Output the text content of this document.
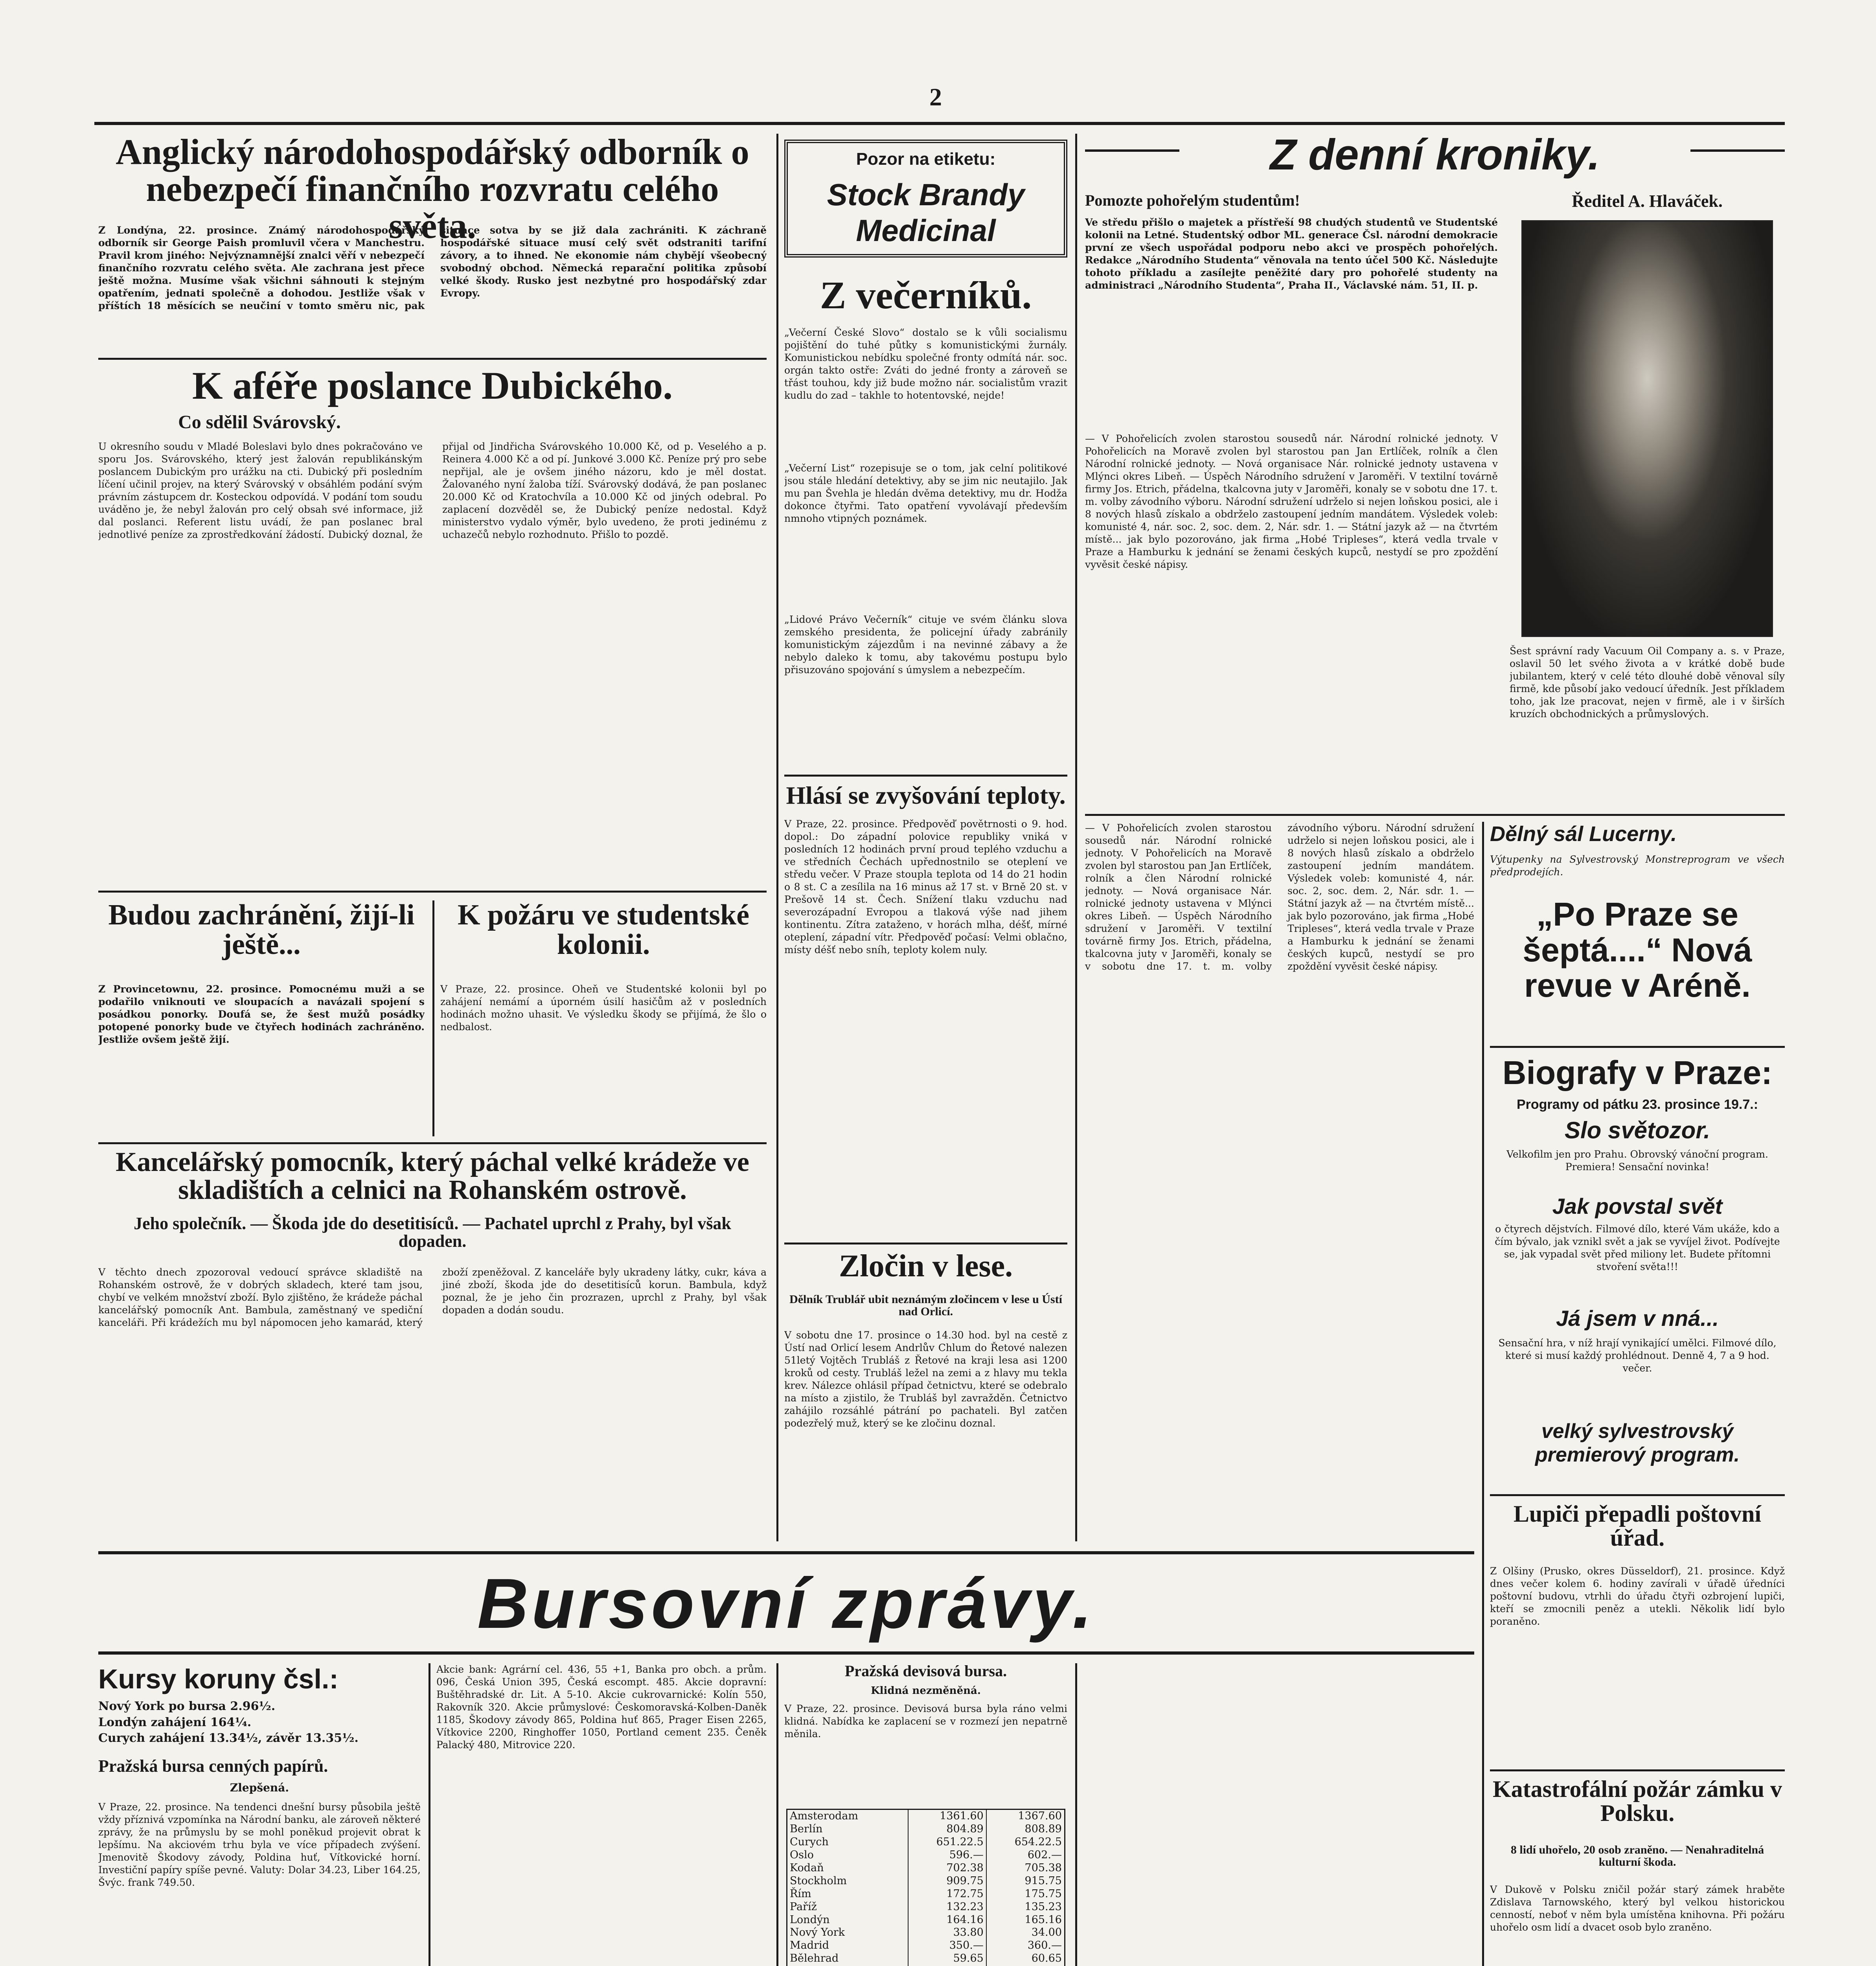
2
Anglický národohospodářský odborník o nebezpečí finančního rozvratu celého světa.
Z Londýna, 22. prosince. Známý národohospodářský odborník sir George Paish promluvil včera v Manchestru. Pravil krom jiného: Nejvýznamnější znalci věří v nebezpečí finančního rozvratu celého světa. Ale zachrana jest přece ještě možna. Musíme však všichni sáhnouti k stejným opatřením, jednati společně a dohodou. Jestliže však v příštích 18 měsících se neučiní v tomto směru nic, pak situace sotva by se již dala zachrániti. K záchraně hospodářské situace musí celý svět odstraniti tarifní závory, a to ihned. Ne ekonomie nám chybějí všeobecný svobodný obchod. Německá reparační politika způsobí velké škody. Rusko jest nezbytné pro hospodářský zdar Evropy.
K aféře poslance Dubického.
Co sdělil Svárovský.
U okresního soudu v Mladé Boleslavi bylo dnes pokračováno ve sporu Jos. Svárovského, který jest žalován republikánským poslancem Dubickým pro urážku na cti. Dubický při posledním líčení učinil projev, na který Svárovský v obsáhlém podání svým právním zástupcem dr. Kosteckou odpovídá. V podání tom soudu uváděno je, že nebyl žalován pro celý obsah své informace, již dal poslanci. Referent listu uvádí, že pan poslanec bral jednotlivé peníze za zprostředkování žádostí. Dubický doznal, že přijal od Jindřicha Svárovského 10.000 Kč, od p. Veselého a p. Reinera 4.000 Kč a od pí. Junkové 3.000 Kč. Peníze prý pro sebe nepřijal, ale je ovšem jiného názoru, kdo je měl dostat. Žalovaného nyní žaloba tíží. Svárovský dodává, že pan poslanec 20.000 Kč od Kratochvíla a 10.000 Kč od jiných odebral. Po zaplacení dozvěděl se, že Dubický peníze nedostal. Když ministerstvo vydalo výměr, bylo uvedeno, že proti jedinému z uchazečů nebylo rozhodnuto. Přišlo to pozdě.
Budou zachránění, žijí-li ještě...
Z Provincetownu, 22. prosince. Pomocnému muži a se podařilo vniknouti ve sloupacích a navázali spojení s posádkou ponorky. Doufá se, že šest mužů posádky potopené ponorky bude ve čtyřech hodinách zachráněno. Jestliže ovšem ještě žijí.
K požáru ve studentské kolonii.
V Praze, 22. prosince. Oheň ve Studentské kolonii byl po zahájení nemámí a úporném úsilí hasičům až v posledních hodinách možno uhasit. Ve výsledku škody se přijímá, že šlo o nedbalost.
Kancelářský pomocník, který páchal velké krádeže ve skladištích a celnici na Rohanském ostrově.
Jeho společník. — Škoda jde do desetitisíců. — Pachatel uprchl z Prahy, byl však dopaden.
V těchto dnech zpozoroval vedoucí správce skladiště na Rohanském ostrově, že v dobrých skladech, které tam jsou, chybí ve velkém množství zboží. Bylo zjištěno, že krádeže páchal kancelářský pomocník Ant. Bambula, zaměstnaný ve spediční kanceláři. Při krádežích mu byl nápomocen jeho kamarád, který zboží zpeněžoval. Z kanceláře byly ukradeny látky, cukr, káva a jiné zboží, škoda jde do desetitisíců korun. Bambula, když poznal, že je jeho čin prozrazen, uprchl z Prahy, byl však dopaden a dodán soudu.
Pozor na etiketu:
Stock Brandy Medicinal
Z večerníků.
„Večerní České Slovo“ dostalo se k vůli socialismu pojištění do tuhé půtky s komunistickými žurnály. Komunistickou nebídku společné fronty odmítá nár. soc. orgán takto ostře: Zváti do jedné fronty a zároveň se třást touhou, kdy již bude možno nár. socialistům vrazit kudlu do zad – takhle to hotentovské, nejde!
„Večerní List“ rozepisuje se o tom, jak celní politikové jsou stále hledání detektivy, aby se jim nic neutajilo. Jak mu pan Švehla je hledán dvěma detektivy, mu dr. Hodža dokonce čtyřmi. Tato opatření vyvolávají především nmnoho vtipných poznámek.
„Lidové Právo Večerník“ cituje ve svém článku slova zemského presidenta, že policejní úřady zabránily komunistickým zájezdům i na nevinné zábavy a že nebylo daleko k tomu, aby takovému postupu bylo přisuzováno spojování s úmyslem a nebezpečím.
Hlásí se zvyšování teploty.
V Praze, 22. prosince. Předpověď povětrnosti o 9. hod. dopol.: Do západní polovice republiky vniká v posledních 12 hodinách první proud teplého vzduchu a ve středních Čechách upřednostnilo se oteplení ve středu večer. V Praze stoupla teplota od 14 do 21 hodin o 8 st. C a zesílila na 16 minus až 17 st. v Brně 20 st. v Prešově 14 st. Čech. Snížení tlaku vzduchu nad severozápadní Evropou a tlaková výše nad jihem kontinentu. Zítra zataženo, v horách mlha, déšť, mírné oteplení, západní vítr. Předpověď počasí: Velmi oblačno, místy déšť nebo sníh, teploty kolem nuly.
Zločin v lese.
Dělník Trublář ubit neznámým zločincem v lese u Ústí nad Orlicí.
V sobotu dne 17. prosince o 14.30 hod. byl na cestě z Ústí nad Orlicí lesem Andrlův Chlum do Řetové nalezen 51letý Vojtěch Trubláš z Řetové na kraji lesa asi 1200 kroků od cesty. Trubláš ležel na zemi a z hlavy mu tekla krev. Nálezce ohlásil případ četnictvu, které se odebralo na místo a zjistilo, že Trubláš byl zavražděn. Četnictvo zahájilo rozsáhlé pátrání po pachateli. Byl zatčen podezřelý muž, který se ke zločinu doznal.
Z denní kroniky.
Pomozte pohořelým studentům!
Ve středu přišlo o majetek a přístřeší 98 chudých studentů ve Studentské kolonii na Letné. Studentský odbor ML. generace Čsl. národní demokracie první ze všech uspořádal podporu nebo akci ve prospěch pohořelých. Redakce „Národního Studenta“ věnovala na tento účel 500 Kč. Následujte tohoto příkladu a zasílejte peněžité dary pro pohořelé studenty na administraci „Národního Studenta“, Praha II., Václavské nám. 51, II. p.
Ředitel A. Hlaváček.
— V Pohořelicích zvolen starostou sousedů nár. Národní rolnické jednoty. V Pohořelicích na Moravě zvolen byl starostou pan Jan Ertlíček, rolník a člen Národní rolnické jednoty. — Nová organisace Nár. rolnické jednoty ustavena v Mlýnci okres Libeň. — Úspěch Národního sdružení v Jaroměři. V textilní továrně firmy Jos. Etrich, přádelna, tkalcovna juty v Jaroměři, konaly se v sobotu dne 17. t. m. volby závodního výboru. Národní sdružení udrželo si nejen loňskou posici, ale i 8 nových hlasů získalo a obdrželo zastoupení jedním mandátem. Výsledek voleb: komunisté 4, nár. soc. 2, soc. dem. 2, Nár. sdr. 1. — Státní jazyk až — na čtvrtém místě... jak bylo pozorováno, jak firma „Hobé Tripleses“, která vedla trvale v Praze a Hamburku k jednání se ženami českých kupců, nestydí se pro zpoždění vyvěsit české nápisy.
Šest správní rady Vacuum Oil Company a. s. v Praze, oslavil 50 let svého života a v krátké době bude jubilantem, který v celé této dlouhé době věnoval síly firmě, kde působí jako vedoucí úředník. Jest příkladem toho, jak lze pracovat, nejen v firmě, ale i v širších kruzích obchodnických a průmyslových.
Dělný sál Lucerny.
Výtupenky na Sylvestrovský Monstreprogram ve všech předprodejích.
„Po Praze se šeptá....“ Nová revue v Aréně.
Biografy v Praze:
Programy od pátku 23. prosince 19.7.:
Slo světozor.
Velkofilm jen pro Prahu. Obrovský vánoční program. Premiera! Sensační novinka!
Jak povstal svět
o čtyrech dějstvích. Filmové dílo, které Vám ukáže, kdo a čím bývalo, jak vznikl svět a jak se vyvíjel život. Podívejte se, jak vypadal svět před miliony let. Budete přítomni stvoření světa!!!
Já jsem v nná...
Sensační hra, v níž hrají vynikající umělci. Filmové dílo, které si musí každý prohlédnout. Denně 4, 7 a 9 hod. večer.
velký sylvestrovský premierový program.
Lupiči přepadli poštovní úřad.
Z Olšiny (Prusko, okres Düsseldorf), 21. prosince. Když dnes večer kolem 6. hodiny zavírali v úřadě úředníci poštovní budovu, vtrhli do úřadu čtyři ozbrojení lupiči, kteří se zmocnili peněz a utekli. Několik lidí bylo poraněno.
Katastrofální požár zámku v Polsku.
8 lidí uhořelo, 20 osob zraněno. — Nenahraditelná kulturní škoda.
V Dukově v Polsku zničil požár starý zámek hraběte Zdislava Tarnowského, který byl velkou historickou cenností, neboť v něm byla umístěna knihovna. Při požáru uhořelo osm lidí a dvacet osob bylo zraněno.
Bursovní zprávy.
Kursy koruny čsl.:
Nový York po bursa 2.96½.
Londýn zahájení 164¼.
Curych zahájení 13.34½, závěr 13.35½.
Pražská bursa cenných papírů.
Zlepšená.
V Praze, 22. prosince. Na tendenci dnešní bursy působila ještě vždy příznivá vzpomínka na Národní banku, ale zároveň některé zprávy, že na průmyslu by se mohl poněkud projevit obrat k lepšímu. Na akciovém trhu byla ve více případech zvýšení. Jmenovitě Škodovy závody, Poldina huť, Vítkovické horní. Investiční papíry spíše pevné. Valuty: Dolar 34.23, Liber 164.25, Švýc. frank 749.50.
Akcie bank: Agrární cel. 436, 55 +1, Banka pro obch. a prům. 096, Česká Union 395, Česká escompt. 485. Akcie dopravní: Buštěhradské dr. Lit. A 5-10. Akcie cukrovarnické: Kolín 550, Rakovník 320. Akcie průmyslové: Českomoravská-Kolben-Daněk 1185, Škodovy závody 865, Poldina huť 865, Prager Eisen 2265, Vítkovice 2200, Ringhoffer 1050, Portland cement 235. Čeněk Palacký 480, Mitrovice 220.
Pražská devisová bursa.
Klidná nezměněná.
V Praze, 22. prosince. Devisová bursa byla ráno velmi klidná. Nabídka ke zaplacení se v rozmezí jen nepatrně měnila.
Amsterodam	1361.60	1367.60
Berlín	804.89	808.89
Curych	651.22.5	654.22.5
Oslo	596.—	602.—
Kodaň	702.38	705.38
Stockholm	909.75	915.75
Řím	172.75	175.75
Paříž	132.23	135.23
Londýn	164.16	165.16
Nový York	33.80	34.00
Madrid	350.—	360.—
Bělehrad	59.65	60.65

— V Pohořelicích zvolen starostou sousedů nár. Národní rolnické jednoty. V Pohořelicích na Moravě zvolen byl starostou pan Jan Ertlíček, rolník a člen Národní rolnické jednoty. — Nová organisace Nár. rolnické jednoty ustavena v Mlýnci okres Libeň. — Úspěch Národního sdružení v Jaroměři. V textilní továrně firmy Jos. Etrich, přádelna, tkalcovna juty v Jaroměři, konaly se v sobotu dne 17. t. m. volby závodního výboru. Národní sdružení udrželo si nejen loňskou posici, ale i 8 nových hlasů získalo a obdrželo zastoupení jedním mandátem. Výsledek voleb: komunisté 4, nár. soc. 2, soc. dem. 2, Nár. sdr. 1. — Státní jazyk až — na čtvrtém místě... jak bylo pozorováno, jak firma „Hobé Tripleses“, která vedla trvale v Praze a Hamburku k jednání se ženami českých kupců, nestydí se pro zpoždění vyvěsit české nápisy.
